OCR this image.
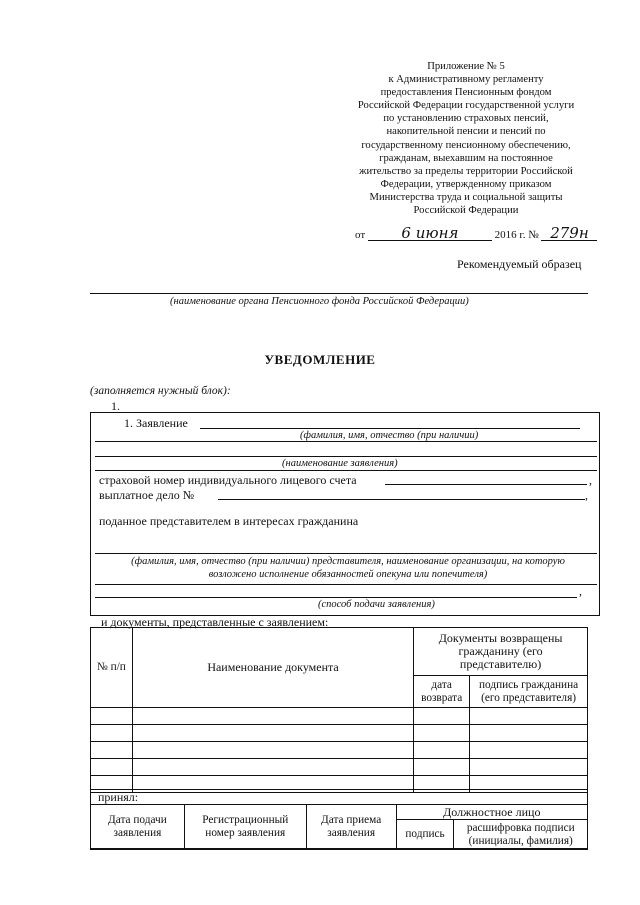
Приложение № 5
к Административному регламенту
предоставления Пенсионным фондом
Российской Федерации государственной услуги
по установлению страховых пенсий,
накопительной пенсии и пенсий по
государственному пенсионному обеспечению,
гражданам, выехавшим на постоянное
жительство за пределы территории Российской
Федерации, утвержденному приказом
Министерства труда и социальной защиты
Российской Федерации
от 6 июня	2016 г. № 279н
Рекомендуемый образец
(наименование органа Пенсионного фонда Российской Федерации)
УВЕДОМЛЕНИЕ
(заполняется нужный блок):
1.
1. Заявление
(фамилия, имя, отчество (при наличии)
(наименование заявления)
страховой номер индивидуального лицевого счета	,
выплатное дело №	,
поданное представителем в интересах гражданина
(фамилия, имя, отчество (при наличии) представителя, наименование организации, на которую
возложено исполнение обязанностей опекуна или попечителя)
,
(способ подачи заявления)
и документы, представленные с заявлением:
№ п/п	Наименование документа	Документы возвращены гражданину (его представителю)	
		дата возврата	подпись гражданина (его представителя)

принял:
Дата подачи заявления	Регистрационный номер заявления	Дата приема заявления	Должностное лицо	
			подпись	расшифровка подписи (инициалы, фамилия)
